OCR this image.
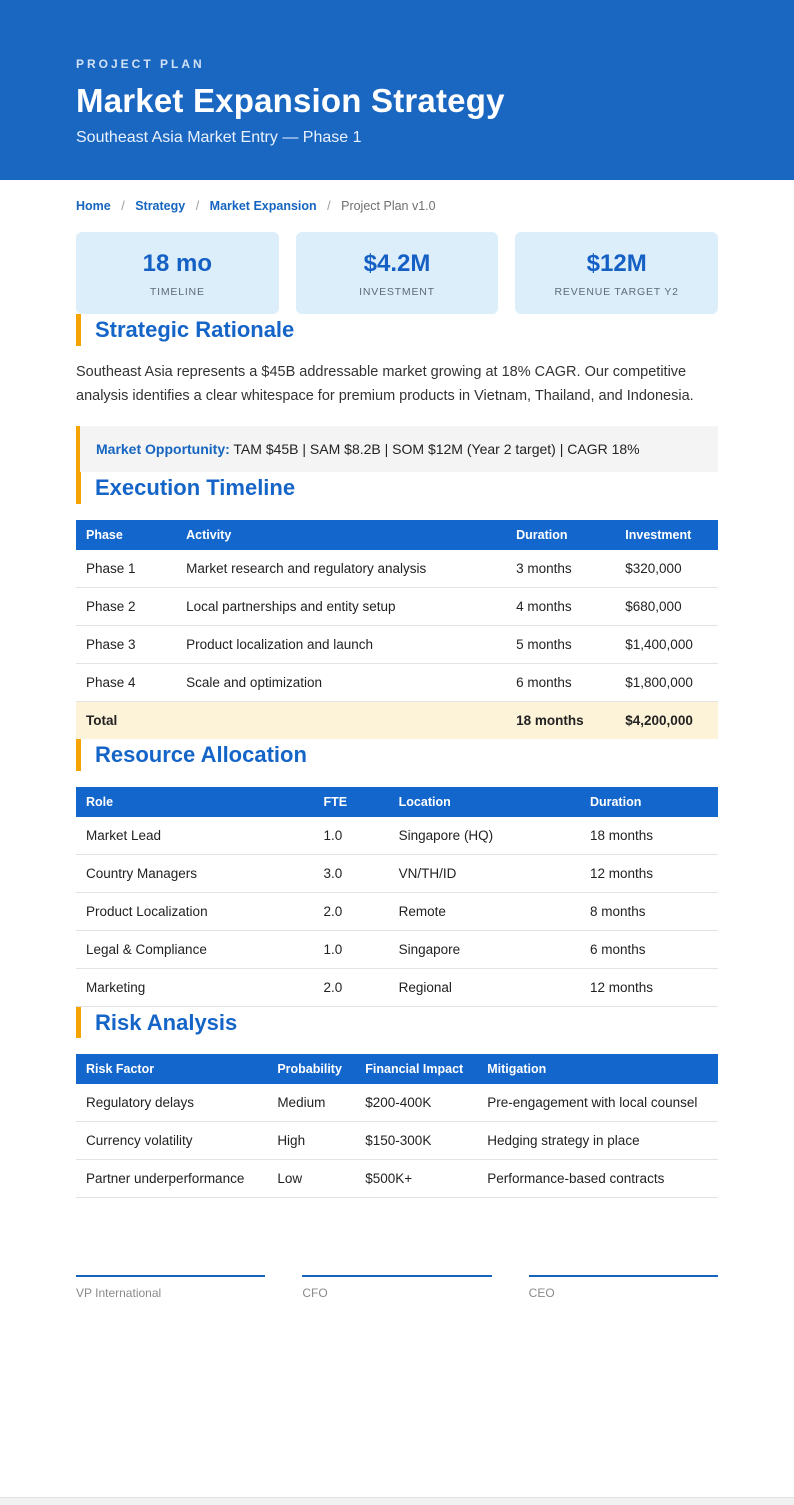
PROJECT PLAN
Market Expansion Strategy
Southeast Asia Market Entry — Phase 1
Home / Strategy / Market Expansion / Project Plan v1.0
18 mo
TIMELINE
$4.2M
INVESTMENT
$12M
REVENUE TARGET Y2
Strategic Rationale

Southeast Asia represents a $45B addressable market growing at 18% CAGR. Our competitive analysis identifies a clear whitespace for premium products in Vietnam, Thailand, and Indonesia.

Market Opportunity: TAM $45B | SAM $8.2B | SOM $12M (Year 2 target) | CAGR 18%
Execution Timeline
Phase	Activity	Duration	Investment
Phase 1	Market research and regulatory analysis	3 months	$320,000
Phase 2	Local partnerships and entity setup	4 months	$680,000
Phase 3	Product localization and launch	5 months	$1,400,000
Phase 4	Scale and optimization	6 months	$1,800,000
Total		18 months	$4,200,000
Resource Allocation
Role	FTE	Location	Duration
Market Lead	1.0	Singapore (HQ)	18 months
Country Managers	3.0	VN/TH/ID	12 months
Product Localization	2.0	Remote	8 months
Legal & Compliance	1.0	Singapore	6 months
Marketing	2.0	Regional	12 months
Risk Analysis
Risk Factor	Probability	Financial Impact	Mitigation
Regulatory delays	Medium	$200-400K	Pre-engagement with local counsel
Currency volatility	High	$150-300K	Hedging strategy in place
Partner underperformance	Low	$500K+	Performance-based contracts
VP International	CFO	CEO
